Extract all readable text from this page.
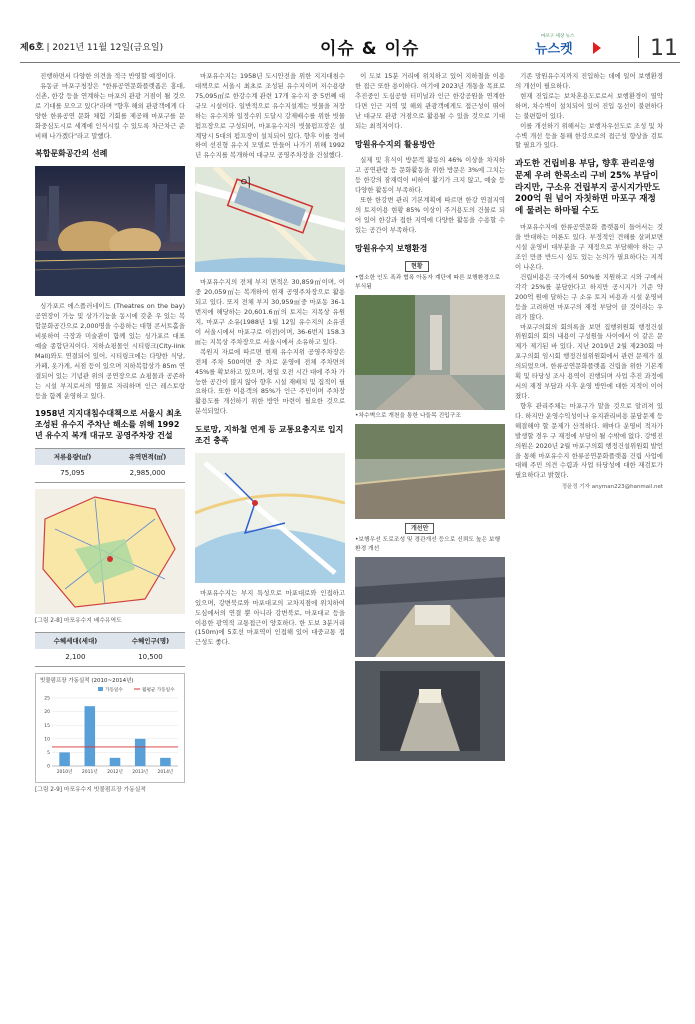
제6호 | 2021년 11월 12일(금요일)	이슈 & 이슈
마포구 세상 뉴스
뉴스켓	11
진행하면서 다양한 의견을 적극 반영할 예정이다.
유동균 마포구청장은 "한류공연문화플랫폼은 홍대, 신촌, 한강 등을 연계하는 마포의 관광 거점이 될 것으로 기대를 모으고 있다"라며 "향후 해외 관광객에게 다양한 한류공연 문화 체험 기회를 제공해 마포구를 문화중심도시로 세계에 인식시킬 수 있도록 차근차근 준비해 나가겠다"라고 말했다.
복합문화공간의 선례
싱가포르 에스플러네이드 (Theatres on the bay)공연장이 가능 및 상가기능을 동시에 갖춘 우 있는 복합문화공간으로 2,000명을 수용하는 대형 콘서트홀을 비롯하여 극장과 미술관이 함께 있는 싱가포르 대표 예술 종합단지이다. 지하쇼핑몰인 시티링크(City-link Mall)와도 연결되어 있어, 시티링크에는 다양한 식당, 카페, 옷가게, 서점 등이 있으며 지하복합상가 85m 연결되어 있는 기념관 위의 공연장으로 쇼핑몰과 공존하는 시설 부지로서의 명물로 자리하며 인근 레스토랑 등을 함께 운영하고 있다.
1958년 지지대침수대책으로 서울시 최초 조성된 유수지 주차난 해소를 위해 1992년 유수지 복개 대규모 공영주차장 건설
저류용량(㎥)	유역면적(㎡)
75,095	2,985,000
[그림 2-8] 마포유수지 배수유역도
수혜세대(세대)	수혜인구(명)
2,100	10,500
빗물펌프장 가동실적 (2010~2014년)
가동일수	월평균 가동일수
0
5
10
15
20
25
2010년 2011년 2012년 2013년 2014년
[그림 2-9] 마포유수지 빗물펌프장 가동실적
마포유수지는 1958년 도시안전을 위한 지지대침수대책으로 서울시 최초로 조성된 유수지이며 저수용량 75,095㎥로 한강수계 관련 17개 유수지 중 5번째 대규모 시설이다. 일반적으로 유수지설계는 빗물을 저장하는 유수지와 일정수위 도달시 강제배수를 위한 빗물펌프장으로 구성되며, 마포유수지의 빗물펌프장은 설계당시 5대의 펌프장이 설치되어 있다. 향후 이를 정비하여 선진형 유수지 모델로 만들어 나가기 위해 1992년 유수지를 복개하여 대규모 공영주차장을 건설했다.
이
마포유수지의 전체 부지 면적은 30,859㎡이며, 이중 20,059㎡는 복개하여 현재 공영주차장으로 활용되고 있다. 또지 전체 부지 30,959㎡중 마포동 36-1번지에 해당하는 20,601.6㎡의 토지는 지목상 유원지, 마포구 소유(1988년 1월 12일 유수지의 소유권이 서울시에서 마포구로 이전)이며, 36-6번지 158.3㎡는 지목상 주차장으로 서울시에서 소유하고 있다.
복원지 자료에 따르면 현재 유수지위 공영주차장은 전체 주차 500여면 중 차로 운영에 전체 주차면의 45%를 확보하고 있으며, 평일 오전 시간 대에 주차 가능한 공간이 많지 않아 향후 시설 재배치 및 집적이 필요하다. 또한 이용객의 85%가 인근 주민이며 주차장 활용도를 개선하기 위한 방안 마련이 필요한 것으로 분석되었다.
도로망, 지하철 연계 등 교통요충지로 입지조건 충족
마포유수지는 부지 특성으로 마포대로와 인접하고 있으며, 강변북로와 마포대교의 교차지점에 위치하여 도심에서의 연결 뿐 아니라 강변북로, 마포대교 등을 이용한 광역적 교통접근이 양호하다. 한 도보 3분거리(150m)에 5호선 마포역이 인접해 있어 대중교통 접근성도 좋다.
이 도보 15분 거리에 위치하고 있어 지하철을 이용한 접근 또한 용이하다. 여기에 2023년 개통을 목표로 추진중인 도심공항 터미널과 인근 한강공원을 연계한다면 인근 지역 및 해외 관광객에게도 접근성이 뛰어난 대규모 관광 거점으로 활용될 수 있을 것으로 기대되는 최적지이다.
망원유수지의 활용방안
실제 및 휴식이 방문객 활동의 46% 이상을 차지하고 공연관람 등 문화활동을 위한 방문은 3%에 그치는 등 한강의 잠재력이 비하여 활기가 크지 않고, 예술 등 다양한 활동이 부족하다.
또한 한강변 관리 기본계획에 따르면 한강 연결지역의 토지이용 현황 85% 이상이 주거용도의 건물로 되어 있어 한강과 접한 지역에 다양한 활동을 수용할 수 있는 공간이 부족하다.
망원유수지 보행환경
현황
•협소한 인도 폭과 협폭 아동자 계단에 따른 보행환경으로 부식됨
•차수벽으로 개천을 통한 나들목 진입구조
개선안
•보행우선 도로조성 및 경관개선 등으로 신뢰도 높은 보행환경 개선
기존 망원유수지까지 진입하는 데에 일어 보행환경의 개선이 필요하다.
현재 진입로는 보차혼용도로로서 보행환경이 열악하며, 차수벽이 설치되어 있어 진입 동선이 불편하다는 불편함이 있다.
이를 개선하기 위해서는 보행자우선도로 조성 및 차수벽 개선 등을 통해 한강으로의 접근성 향상을 검토할 필요가 있다.
과도한 건립비용 부담, 향후 관리운영 문제 우려 한목소리 구비 25% 부담이라지만, 구소유 건립부지 공시지가만도 200억 원 넘어 자칫하면 마포구 재정에 물려는 하마될 수도
마포유수지에 한류공연문화 플랫폼이 들어서는 것을 반대하는 여론도 있다. 부정적인 견해를 살펴보면 시설 운영비 대부분을 구 재정으로 부담해야 하는 구조인 만큼 반드시 심도 있는 논의가 필요하다는 지적이 나온다.
건립비용은 국가에서 50%를 지원하고 시와 구에서 각각 25%를 분담한다고 하지만 공시지가 기준 약 200억 원에 달하는 구 소유 토지 비용과 시설 운영비 등을 고려하면 마포구의 재정 부담이 클 것이라는 우려가 많다.
마포구의회의 회의록을 보면 집행위원회 행정건설위원회의 회의 내용이 구성원들 사이에서 이 같은 문제가 제기된 바 있다. 지난 2019년 2월 제230회 마포구의회 임시회 행정건설위원회에서 관련 문제가 질의되었으며, 한류공연문화플랫폼 건립을 위한 기본계획 및 타당성 조사 용역이 진행되며 사업 추진 과정에서의 재정 부담과 사후 운영 방안에 대한 지적이 이어졌다.
향후 관리주체는 마포구가 맡을 것으로 알려져 있다. 하지만 운영수익성이나 유지관리비용 분담문제 등 해결해야 할 문제가 산적하다. 해마다 운영비 적자가 발생할 경우 구 재정에 부담이 될 수밖에 없다. 강병진 의원은 2020년 2월 마포구의회 행정건설위원회 발언을 통해 마포유수지 한류공연문화플랫폼 건립 사업에 대해 주민 의견 수렴과 사업 타당성에 대한 재검토가 필요하다고 밝혔다.
정윤정 기자 anyman223@hanmail.net
